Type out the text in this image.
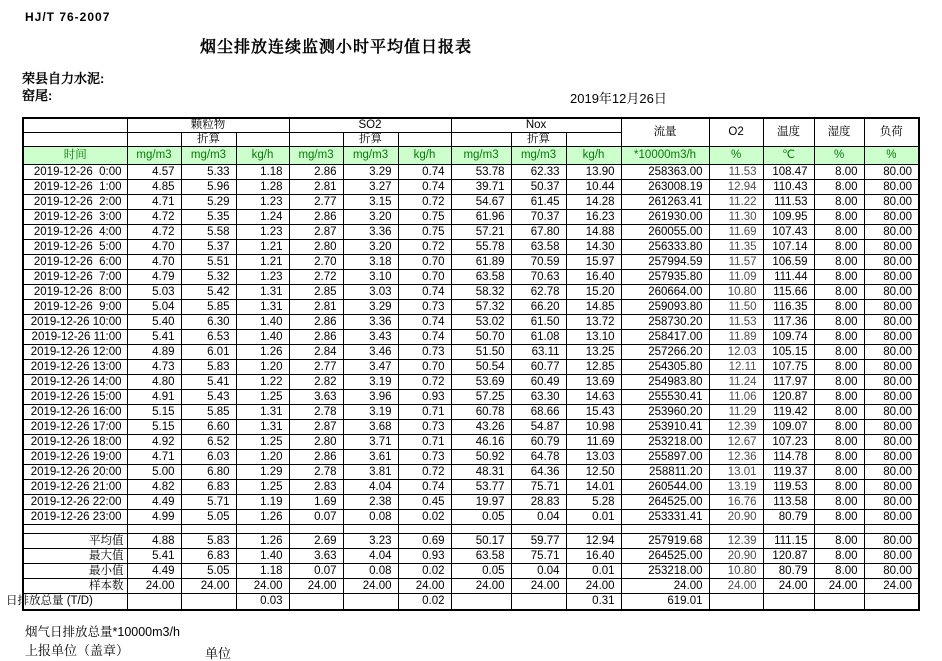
HJ/T 76-2007
烟尘排放连续监测小时平均值日报表
荣县自力水泥:
窑尾:	2019年12月26日
	颗粒物			SO2			Nox			流量	O2	温度	湿度	负荷
		折算			折算			折算						
时间	mg/m3	mg/m3	kg/h	mg/m3	mg/m3	kg/h	mg/m3	mg/m3	kg/h	*10000m3/h	%	℃	%	%
2019-12-26  0:00	4.57	5.33	1.18	2.86	3.29	0.74	53.78	62.33	13.90	258363.00	11.53	108.47	8.00	80.00
2019-12-26  1:00	4.85	5.96	1.28	2.81	3.27	0.74	39.71	50.37	10.44	263008.19	12.94	110.43	8.00	80.00
2019-12-26  2:00	4.71	5.29	1.23	2.77	3.15	0.72	54.67	61.45	14.28	261263.41	11.22	111.53	8.00	80.00
2019-12-26  3:00	4.72	5.35	1.24	2.86	3.20	0.75	61.96	70.37	16.23	261930.00	11.30	109.95	8.00	80.00
2019-12-26  4:00	4.72	5.58	1.23	2.87	3.36	0.75	57.21	67.80	14.88	260055.00	11.69	107.43	8.00	80.00
2019-12-26  5:00	4.70	5.37	1.21	2.80	3.20	0.72	55.78	63.58	14.30	256333.80	11.35	107.14	8.00	80.00
2019-12-26  6:00	4.70	5.51	1.21	2.70	3.18	0.70	61.89	70.59	15.97	257994.59	11.57	106.59	8.00	80.00
2019-12-26  7:00	4.79	5.32	1.23	2.72	3.10	0.70	63.58	70.63	16.40	257935.80	11.09	111.44	8.00	80.00
2019-12-26  8:00	5.03	5.42	1.31	2.85	3.03	0.74	58.32	62.78	15.20	260664.00	10.80	115.66	8.00	80.00
2019-12-26  9:00	5.04	5.85	1.31	2.81	3.29	0.73	57.32	66.20	14.85	259093.80	11.50	116.35	8.00	80.00
2019-12-26 10:00	5.40	6.30	1.40	2.86	3.36	0.74	53.02	61.50	13.72	258730.20	11.53	117.36	8.00	80.00
2019-12-26 11:00	5.41	6.53	1.40	2.86	3.43	0.74	50.70	61.08	13.10	258417.00	11.89	109.74	8.00	80.00
2019-12-26 12:00	4.89	6.01	1.26	2.84	3.46	0.73	51.50	63.11	13.25	257266.20	12.03	105.15	8.00	80.00
2019-12-26 13:00	4.73	5.83	1.20	2.77	3.47	0.70	50.54	60.77	12.85	254305.80	12.11	107.75	8.00	80.00
2019-12-26 14:00	4.80	5.41	1.22	2.82	3.19	0.72	53.69	60.49	13.69	254983.80	11.24	117.97	8.00	80.00
2019-12-26 15:00	4.91	5.43	1.25	3.63	3.96	0.93	57.25	63.30	14.63	255530.41	11.06	120.87	8.00	80.00
2019-12-26 16:00	5.15	5.85	1.31	2.78	3.19	0.71	60.78	68.66	15.43	253960.20	11.29	119.42	8.00	80.00
2019-12-26 17:00	5.15	6.60	1.31	2.87	3.68	0.73	43.26	54.87	10.98	253910.41	12.39	109.07	8.00	80.00
2019-12-26 18:00	4.92	6.52	1.25	2.80	3.71	0.71	46.16	60.79	11.69	253218.00	12.67	107.23	8.00	80.00
2019-12-26 19:00	4.71	6.03	1.20	2.86	3.61	0.73	50.92	64.78	13.03	255897.00	12.36	114.78	8.00	80.00
2019-12-26 20:00	5.00	6.80	1.29	2.78	3.81	0.72	48.31	64.36	12.50	258811.20	13.01	119.37	8.00	80.00
2019-12-26 21:00	4.82	6.83	1.25	2.83	4.04	0.74	53.77	75.71	14.01	260544.00	13.19	119.53	8.00	80.00
2019-12-26 22:00	4.49	5.71	1.19	1.69	2.38	0.45	19.97	28.83	5.28	264525.00	16.76	113.58	8.00	80.00
2019-12-26 23:00	4.99	5.05	1.26	0.07	0.08	0.02	0.05	0.04	0.01	253331.41	20.90	80.79	8.00	80.00

平均值	4.88	5.83	1.26	2.69	3.23	0.69	50.17	59.77	12.94	257919.68	12.39	111.15	8.00	80.00
最大值	5.41	6.83	1.40	3.63	4.04	0.93	63.58	75.71	16.40	264525.00	20.90	120.87	8.00	80.00
最小值	4.49	5.05	1.18	0.07	0.08	0.02	0.05	0.04	0.01	253218.00	10.80	80.79	8.00	80.00
样本数	24.00	24.00	24.00	24.00	24.00	24.00	24.00	24.00	24.00	24.00	24.00	24.00	24.00	24.00
日排放总量 (T/D)			0.03			0.02			0.31	619.01				
烟气日排放总量*10000m3/h
上报单位（盖章）	单位
